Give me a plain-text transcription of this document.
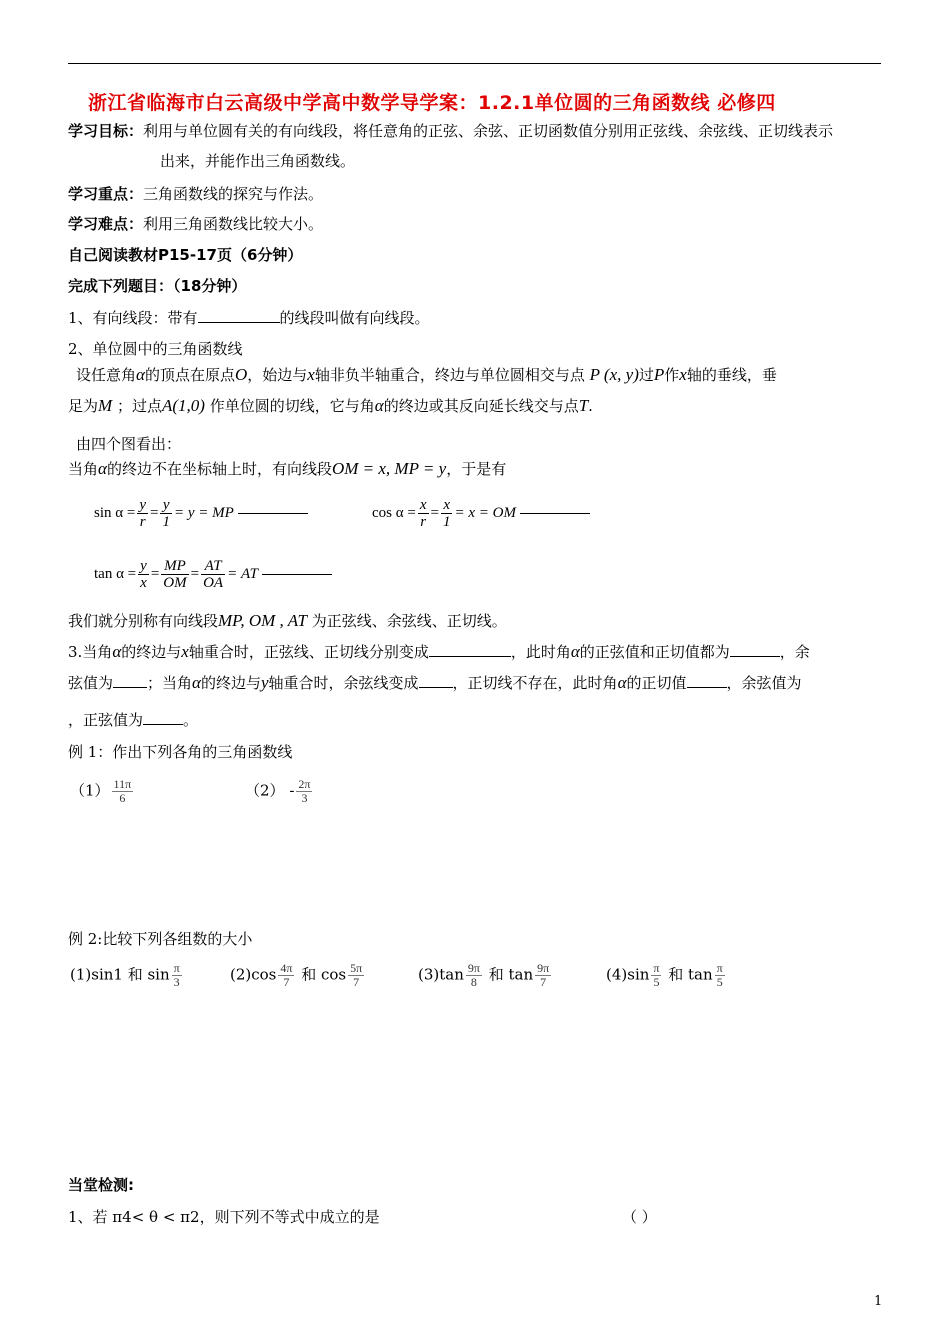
浙江省临海市白云高级中学高中数学导学案：1.2.1单位圆的三角函数线 必修四
学习目标：利用与单位圆有关的有向线段，将任意角的正弦、余弦、正切函数值分别用正弦线、余弦线、正切线表示
出来，并能作出三角函数线。
学习重点：三角函数线的探究与作法。
学习难点：利用三角函数线比较大小。
自己阅读教材P15-17页（6分钟）
完成下列题目：（18分钟）
1、有向线段：带有	的线段叫做有向线段。
2、单位圆中的三角函数线
设任意角α的顶点在原点O，始边与x轴非负半轴重合，终边与单位圆相交与点 P (x, y)过P作x轴的垂线，垂
足为M ；过点A(1,0) 作单位圆的切线，它与角α的终边或其反向延长线交与点T.
由四个图看出：
当角α的终边不在坐标轴上时，有向线段OM = x, MP = y，于是有
$\sin \alpha = \frac{y}{r} = \frac{y}{1} = y$ = MP	$\cos \alpha = \frac{x}{r} = \frac{x}{1} = x$ = OM
$\tan \alpha = \frac{y}{x} = \frac{MP}{OM} = \frac{AT}{OA}$ = AT
我们就分别称有向线段MP, OM , AT 为正弦线、余弦线、正切线。
3.当角α的终边与x轴重合时，正弦线、正切线分别变成	，此时角α的正弦值和正切值都为	，余
弦值为 ；当角α的终边与y轴重合时，余弦线变成 ，正切线不存在，此时角α的正切值	，余弦值为
，正弦值为	。
例 1：作出下列各角的三角函数线
$(1) \frac{11\pi}{6}$	$(2) - \frac{2\pi}{3}$
例 2:比较下列各组数的大小
(1)sin1 和 $\sin \frac{\pi}{3}$	$(2)\cos \frac{4\pi}{7}$ 和 $\cos \frac{5\pi}{7}$	$(3)\tan \frac{9\pi}{8}$ 和 $\tan \frac{9\pi}{7}$	$(4)\sin \frac{\pi}{5}$ 和 $\tan \frac{\pi}{5}$
当堂检测:
1、若 π4< θ < π2，则下列不等式中成立的是	（ ）
1
